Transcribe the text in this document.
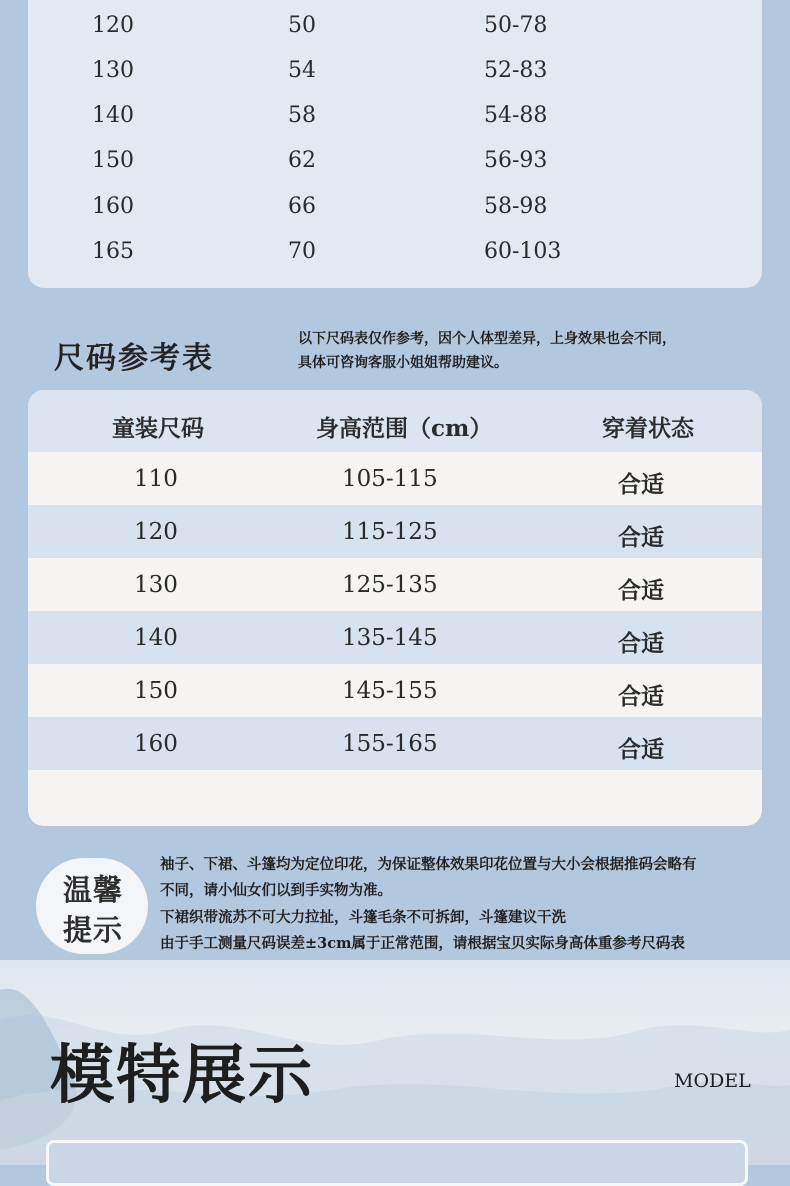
120	50	50-78
130	54	52-83
140	58	54-88
150	62	56-93
160	66	58-98
165	70	60-103
尺码参考表
以下尺码表仅作参考，因个人体型差异，上身效果也会不同，
具体可咨询客服小姐姐帮助建议。
童装尺码	身高范围（cm）	穿着状态
110	105-115	合适
120	115-125	合适
130	125-135	合适
140	135-145	合适
150	145-155	合适
160	155-165	合适
温馨
提示
袖子、下裙、斗篷均为定位印花，为保证整体效果印花位置与大小会根据推码会略有
不同，请小仙女们以到手实物为准。
下裙织带流苏不可大力拉扯，斗篷毛条不可拆卸，斗篷建议干洗
由于手工测量尺码误差±3cm属于正常范围，请根据宝贝实际身高体重参考尺码表
模特展示	MODEL
